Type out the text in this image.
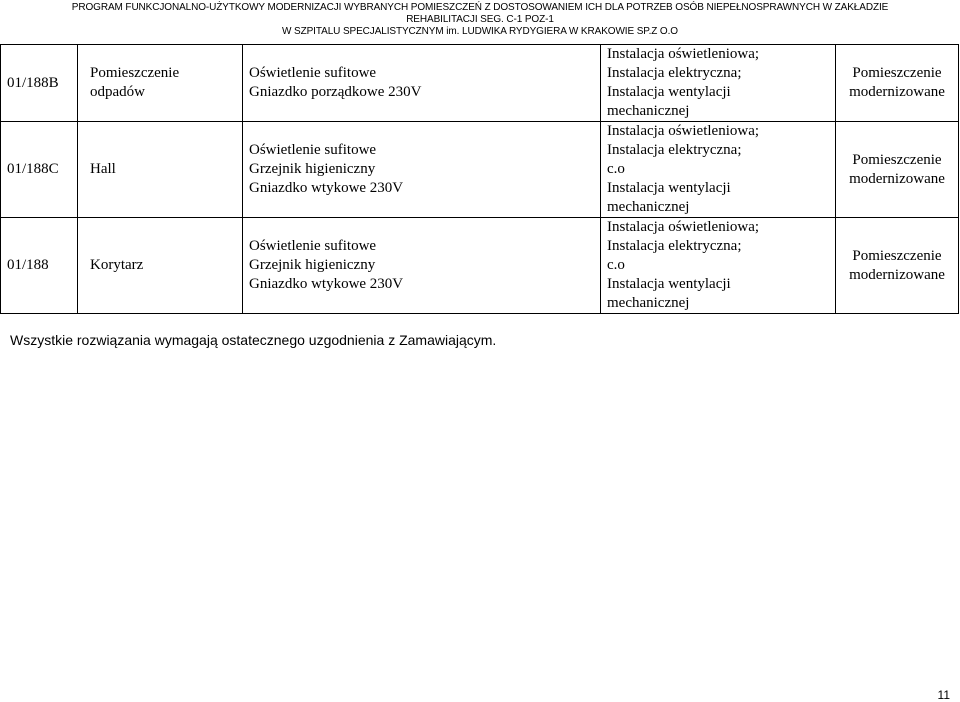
PROGRAM FUNKCJONALNO-UŻYTKOWY MODERNIZACJI WYBRANYCH POMIESZCZEŃ Z DOSTOSOWANIEM ICH DLA POTRZEB OSÓB NIEPEŁNOSPRAWNYCH W ZAKŁADZIE
REHABILITACJI SEG. C-1 POZ-1
W SZPITALU SPECJALISTYCZNYM im. LUDWIKA RYDYGIERA W KRAKOWIE SP.Z O.O
01/188B	Pomieszczenie
odpadów	Oświetlenie sufitowe
Gniazdko porządkowe 230V	Instalacja oświetleniowa;
Instalacja elektryczna;
Instalacja wentylacji
mechanicznej	Pomieszczenie
modernizowane

01/188C	Hall	Oświetlenie sufitowe
Grzejnik higieniczny
Gniazdko wtykowe 230V	Instalacja oświetleniowa;
Instalacja elektryczna;
c.o
Instalacja wentylacji
mechanicznej	Pomieszczenie
modernizowane

01/188	Korytarz	Oświetlenie sufitowe
Grzejnik higieniczny
Gniazdko wtykowe 230V	Instalacja oświetleniowa;
Instalacja elektryczna;
c.o
Instalacja wentylacji
mechanicznej	Pomieszczenie
modernizowane
Wszystkie rozwiązania wymagają ostatecznego uzgodnienia z Zamawiającym.
11
